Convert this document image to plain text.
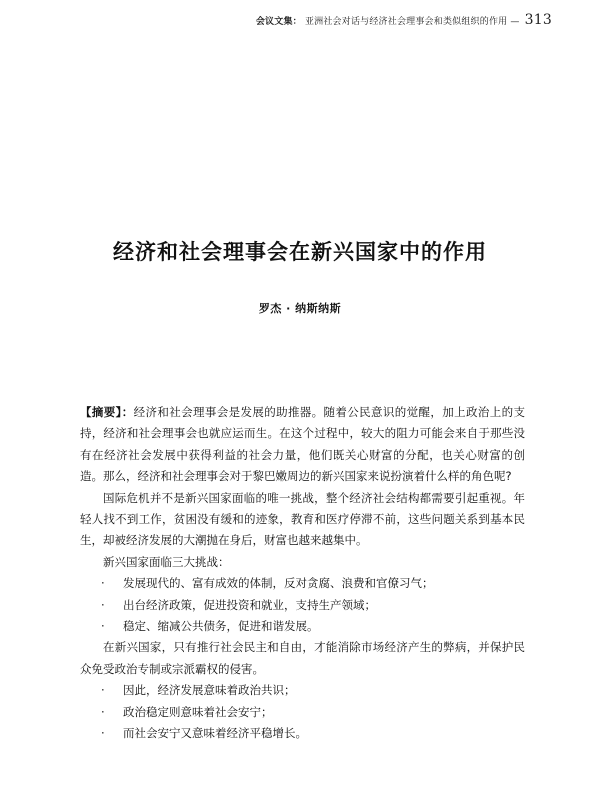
会议文集： 亚洲社会对话与经济社会理事会和类似组织的作用 — 313
经济和社会理事会在新兴国家中的作用
罗杰 · 纳斯纳斯

【摘要】：经济和社会理事会是发展的助推器。随着公民意识的觉醒，加上政治上的支持，经济和社会理事会也就应运而生。在这个过程中，较大的阻力可能会来自于那些没有在经济社会发展中获得利益的社会力量，他们既关心财富的分配，也关心财富的创造。那么，经济和社会理事会对于黎巴嫩周边的新兴国家来说扮演着什么样的角色呢?

国际危机并不是新兴国家面临的唯一挑战，整个经济社会结构都需要引起重视。年轻人找不到工作，贫困没有缓和的迹象，教育和医疗停滞不前，这些问题关系到基本民生，却被经济发展的大潮抛在身后，财富也越来越集中。

新兴国家面临三大挑战：

· 发展现代的、富有成效的体制，反对贪腐、浪费和官僚习气；
· 出台经济政策，促进投资和就业，支持生产领域；
· 稳定、缩减公共债务，促进和谐发展。

在新兴国家，只有推行社会民主和自由，才能消除市场经济产生的弊病，并保护民众免受政治专制或宗派霸权的侵害。

· 因此，经济发展意味着政治共识；
· 政治稳定则意味着社会安宁；
· 而社会安宁又意味着经济平稳增长。
